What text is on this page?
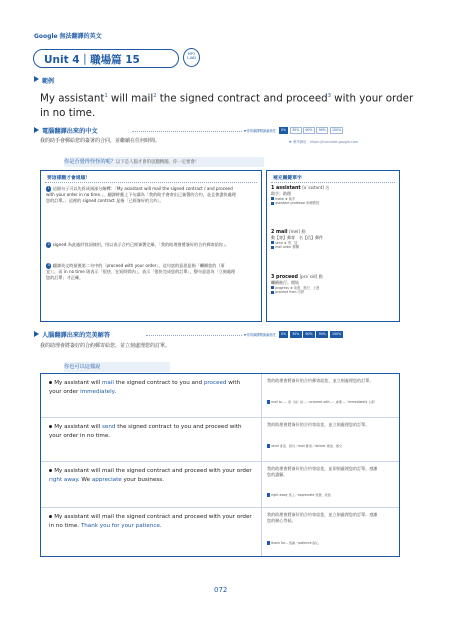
Google 無法翻譯的英文
Unit 4｜職場篇 15	MP3
1-062
範例
My assistant$^1$ will mail$^2$ the signed contract and proceed$^3$ with your order in no time.
電腦翻譯出來的中文	☛你的翻譯閱讀滿意度	0%	30%	60%	90%	100%
我的助手會郵給您的簽署的合同，並繼續在任何時間。	☛ 參考網址：https://translate.google.com
你是否覺得怪怪的呢？以下是人腦才會的思翻精髓，你一定要會！
要這樣翻才會通順！
1 這個句子可以先拆成兩部分解釋：「My assistant will mail the signed contract / and proceed with your order in no time.」，翻譯時應上下句讀為「我的助手會寄出已簽署的合約，並且會盡快處理您的訂單。」這裡的 signed contract 是指「已經簽好的合約」。
2 signed 為此處形容詞使用，用以表示合約已經簽署完畢，「我的助理會將簽好的合約郵寄給你」。
3 翻譯英文時最後第二句中的「proceed with your order」，這句話的意思是指「繼續您的（事宜）」，而 in no time 則表示「很快、在短時間內」，表示「很快完成您的訂單」，整句意思為「立刻處理您的訂單」才正確。
補充關鍵單字
1 assistant [əˋsɪstənt] 名
助手；助理
make ★ 助手
assistant professor 助理教授
2 mail [mel] 動
動【寄】郵寄　名【信】郵件
send ★ 寄、送
mail order 郵購
3 proceed [prəˋsid] 動
繼續進行；開始
progress ★ 前進、進行、上進
proceed from 出發
人腦翻譯出來的完美解答	☛你的翻譯閱讀滿意度	0%	30%	60%	90%	100%
我的助理會將簽好的合約郵寄給您，並立刻處理您的訂單。
你也可以這樣說
My assistant will mail the signed contract to you and proceed with your order immediately.
我的助理會將簽好的合約郵寄給您，並立刻處理您的訂單。
mail to...：寄（信）給…／proceed with...：處理…／immediately 立即
My assistant will send the signed contract to you and proceed with your order in no time.
我的助理會將簽好的合約寄給您，並立刻處理您的訂單。
send 寄送、發出／mail 郵寄／deliver 遞送、遞交
My assistant will mail the signed contract and proceed with your order right away. We appreciate your business.
我的助理會將簽好的合約寄給您，並即刻處理您的訂單。感謝您的惠顧。
right away 馬上／appreciate 感激、欣賞
My assistant will mail the signed contract and proceed with your order in no time. Thank you for your patience.
我的助理會將簽好的合約寄給您，並立刻處理您的訂單。感謝您的耐心等候。
thank for... 感謝／patience 耐心
072
